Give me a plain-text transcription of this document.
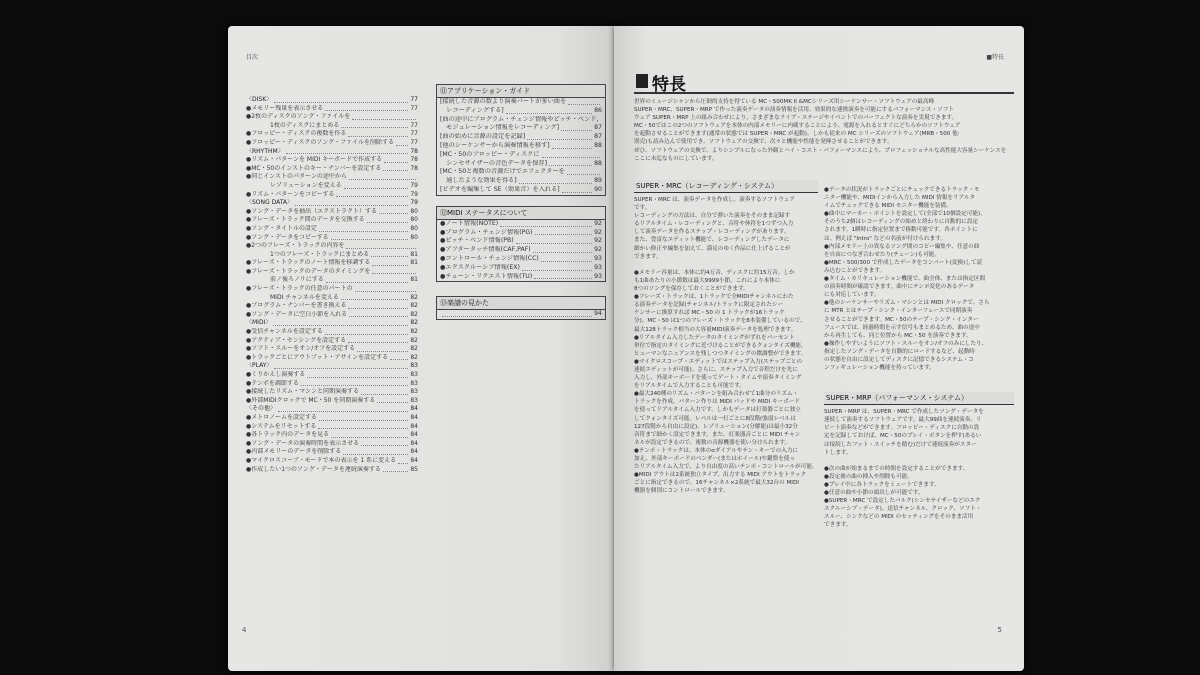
目次
〈DISK〉	77
●メモリー残量を表示させる	77
●2枚のディスクのソング・ファイルを
1枚のディスクにまとめる	77
●フロッピー・ディスクの複数を作る	77
●フロッピー・ディスクのソング・ファイルを削除する	77
〈RHYTHM〉	78
●リズム・パターンを MIDI キーボードで作成する	78
●MC・50のインストのキー・ナンバーを設定する	78
●同じインストのパターンの途中から
レゾリューションを変える	79
●リズム・パターンをコピーする	79
〈SONG DATA〉	79
●ソング・データを抽出（エクストラクト）する	80
●フレーズ・トラック間のデータを交換する	80
●ソング・タイトルの設定	80
●ソング・データをコピーする	80
●2つのフレーズ・トラックの内容を
1つのフレーズ・トラックにまとめる	81
●フレーズ・トラックのノート情報を移調する	81
●フレーズ・トラックのデータのタイミングを
前ノ後ろノリにする	81
●フレーズ・トラックの任意のパートの
MIDI チャンネルを変える	82
●プログラム・ナンバーを書き換える	82
●ソング・データに空白小節を入れる	82
〈MIDI〉	82
●受信チャンネルを設定する	82
●アクティブ・センシングを設定する	82
●ソフト・スルーをオン/オフを設定する	82
●トラックごとにアウトプット・アサインを設定する	82
〈PLAY〉	83
●くりかえし演奏する	83
●テンポを調節する	83
●接続したリズム・マシンと同期演奏する	83
●外部MIDIクロックで MC・50 を同期演奏する	83
〈その他〉	84
●メトロノームを設定する	84
●システムをリセットする	84
●各トラック内のデータを見る	84
●ソング・データの演奏時間を表示させる	84
●内部メモリーのデータを削除する	84
●マイクロスコープ・モードで本の表示を 1 系に変える 84
●作成したい1つのソング・データを連続演奏する	85
⑪アプリケーション・ガイド
[接続した音源の数より演奏パートが多い曲を
　レコーディングする]	86
[曲の途中にプログラム・チェンジ情報やピッチ・ベンド,
　モジュレーション情報をレコーディング]	87
[曲の始めに音源の設定を記録]	87
[他のシーケンサーから演奏情報を移す]	88
[MC・50のフロッピー・ディスクに
　シンセサイザーの音色データを保存]	88
[MC・50と複数の音源だけでエフェクターを
　通したような効果を得る]	89
[ビデオを編集して SE（効果音）を入れる]	90
⑫MIDI ステータスについて
●ノート情報(NOTE)	92
●プログラム・チェンジ情報(PG)	92
●ピッチ・ベンド情報(PB)	92
●アフタータッチ情報(CAF,PAF)	92
●コントロール・チェンジ情報(CC)	93
●エクスクルーシブ情報(EX)	93
●チューン・リクエスト情報(TU)	93
⑬楽譜の見かた
94
4
■特長
特長

世界のミュージシャンから圧倒的支持を得ている MC・500MK II &MCシリーズ用シーケンサー・ソフトウェアの最高峰

SUPER・MRC、SUPER・MRP で作った演奏データの演奏情報を活用、効果的な連携演奏を可能にするパフォーマンス・ソフト

ウェア SUPER・MRP 上の組み合わせにより、さまざまなライブ・ステージやイベントでのパーフェクトな演奏を実現できます。

MC・50ではこの2つのソフトウェアを本体の内部メモリーに内蔵することにより、電源を入れるとすぐにどちらかのソフトウェア

を起動させることができます(通常の状態では SUPER・MRC が起動)。しかも従来の MC シリーズのソフトウェア(MRB・500 他:

別売)も読み込んで使用でき、ソフトウェアの交換で、次々と機能や性能を発揮させることができます。

ぜひ、ソフトウェアの交換で、よりシンプルになった外観とハイ・コスト・パフォーマンスにより、プロフェッショナルな高性能大容量シーケンスを

ここに未迄なものにしています。

SUPER・MRC（レコーディング・システム）

SUPER・MRC は、演奏データを作成し、演奏するソフトウェア

です。

レコーディングの方法は、自分で弾いた演奏をそのまま記録す

るリアルタイム・レコーディングと、音符や休符を1つずつ入力

して演奏データを作るステップ・レコーディングがあります。

また、豊富なエディット機能で、レコーディングしたデータに

細かい修正や編集を加えて、満足のゆく作品に仕上げることが

できます。

●メモリー容量は、本体に約4万音、ディスクに約15万音。しか

も1曲あたりの小節数は最大9999小節。これにより本体に

8つのソングを保存しておくことができます。

●フレーズ・トラックは、1トラックで全MIDIチャンネルにわた

る演奏データを記録(チャンネル/トラックに限定されたシー

ケンサーに換算すれば MC・50 の 1 トラックが16トラック

分)。MC・50 は1つのフレーズ・トラックを8本装備しているので、

最大128トラック相当の大容量MIDI演奏データを処理できます。

●リアルタイム入力したデータのタイミングがずれをパーセント

単位で指定のタイミングに近づけることができるクォンタイズ機能。

ヒューマンなニュアンスを残しつつタイミングの微調整ができます。

●マイクロスコープ・エディットではステップ入力(ステップごとの

連続エディットが可能)。さらに、ステップ入力で音程だけを先に

入力し、外部キーボードを使ってゲート・タイムや演奏タイミング

をリアルタイムで入力することも可能です。

●最大240種のリズム・パターンを組み合わせて1曲分のリズム・

トラックを作成。パターン作りは MIDI パッドや MIDI キーボード

を使ってリアルタイム入力です。しかもデータは打楽器ごとに独立

してクォンタイズ可能。レベルは一打ごとに8段階(強弱レベルは

127段階から自由に設定)。レゾリューション(分解能)は最小32分

音符まで細かく設定できます。また、打楽器音ごとに MIDI チャン

ネルが設定できるので、複数の音源機器を使い分けられます。

●テンポ・トラックは、本体のαダイアルやテン・キーでの入力に

加え、外部キーボードのベンダー(またはホイール)や鍵盤を使っ

たリアルタイム入力で、より自由度の高いテンポ・コントロールが可能。

●MIDI アウトは2系統独立タイプ。出力する MIDI アウトをトラック

ごとに指定できるので、16チャンネル×2系統で最大32台の MIDI

機器を個別にコントロールできます。

●データの状況がトラックごとにチェックできるトラック・モ

ニター機能や、MIDIインから入力した MIDI 情報をリアルタ

イムでチェックできる MIDI モニター機能を装備。

●曲中にマーカー・ポイントを設定して(全部で10個設定可能)、

そのうち2個はレコーディングの始めと終わりに自動的に設定

されます。1瞬時に指定位置まで移動可能です。各ポイントに

は、例えば "Intro" などの名前が付けられます。

●内部メモリー上の異なるソング間のコピー編集や、任意の曲

を自由につなぎ合わせたり(チェーン)も可能。

●MRC・500/300 で作成したデータをコンバート(変換)して読

み込むことができます。

●タイム・カリキュレーション機能で、曲全体、または指定区間

の演奏時間が確認できます。曲中にテンポ変化のあるデータ

にも対応しています。

●他のシーケンサーやリズム・マシンとは MIDI クロックで、さら

に MTR とはテープ・シンク・インターフェースで同期演奏

させることができます。MC・50のテープ・シンク・インター

フェースでは、経過時間を示す信号もまとめるため、曲の途中

から再生しても、同じ位置から MC・50 を演奏できます。

●操作しやすいようにソフト・スルーをオン/オフのみにしたり、

指定したソング・データを自動的にロードするなど、起動時

の状態を自由に設定してディスクに記憶できるシステム・コ

ンフィギュレーション機能を持っています。

SUPER・MRP（パフォーマンス・システム）

SUPER・MRP は、SUPER・MRC で作成したソング・データを

連続して演奏するソフトウェアです。最大99曲を連続演奏、リ

ピート演奏などができます。フロッピー・ディスクに自動の設

定を記録しておけば、MC・50のプレイ・ボタンを押す(あるい

は接続したフット・スイッチを踏む)だけで連続演奏がスター

トします。

●次の曲が始まるまでの時間を設定することができます。

●設定後の曲の挿入や削除も可能。

●プレイ中に各トラックをミュートできます。

●任意の曲や小節の頭出しが可能です。

●SUPER・MRC で設定したバルク(シンセサイザーなどのエク

スクルーシブ・データ)、送信チャンネル、クロック、ソフト・

スルー、シンクなどの MIDI のセッティングをそのまま活用

できます。

5
